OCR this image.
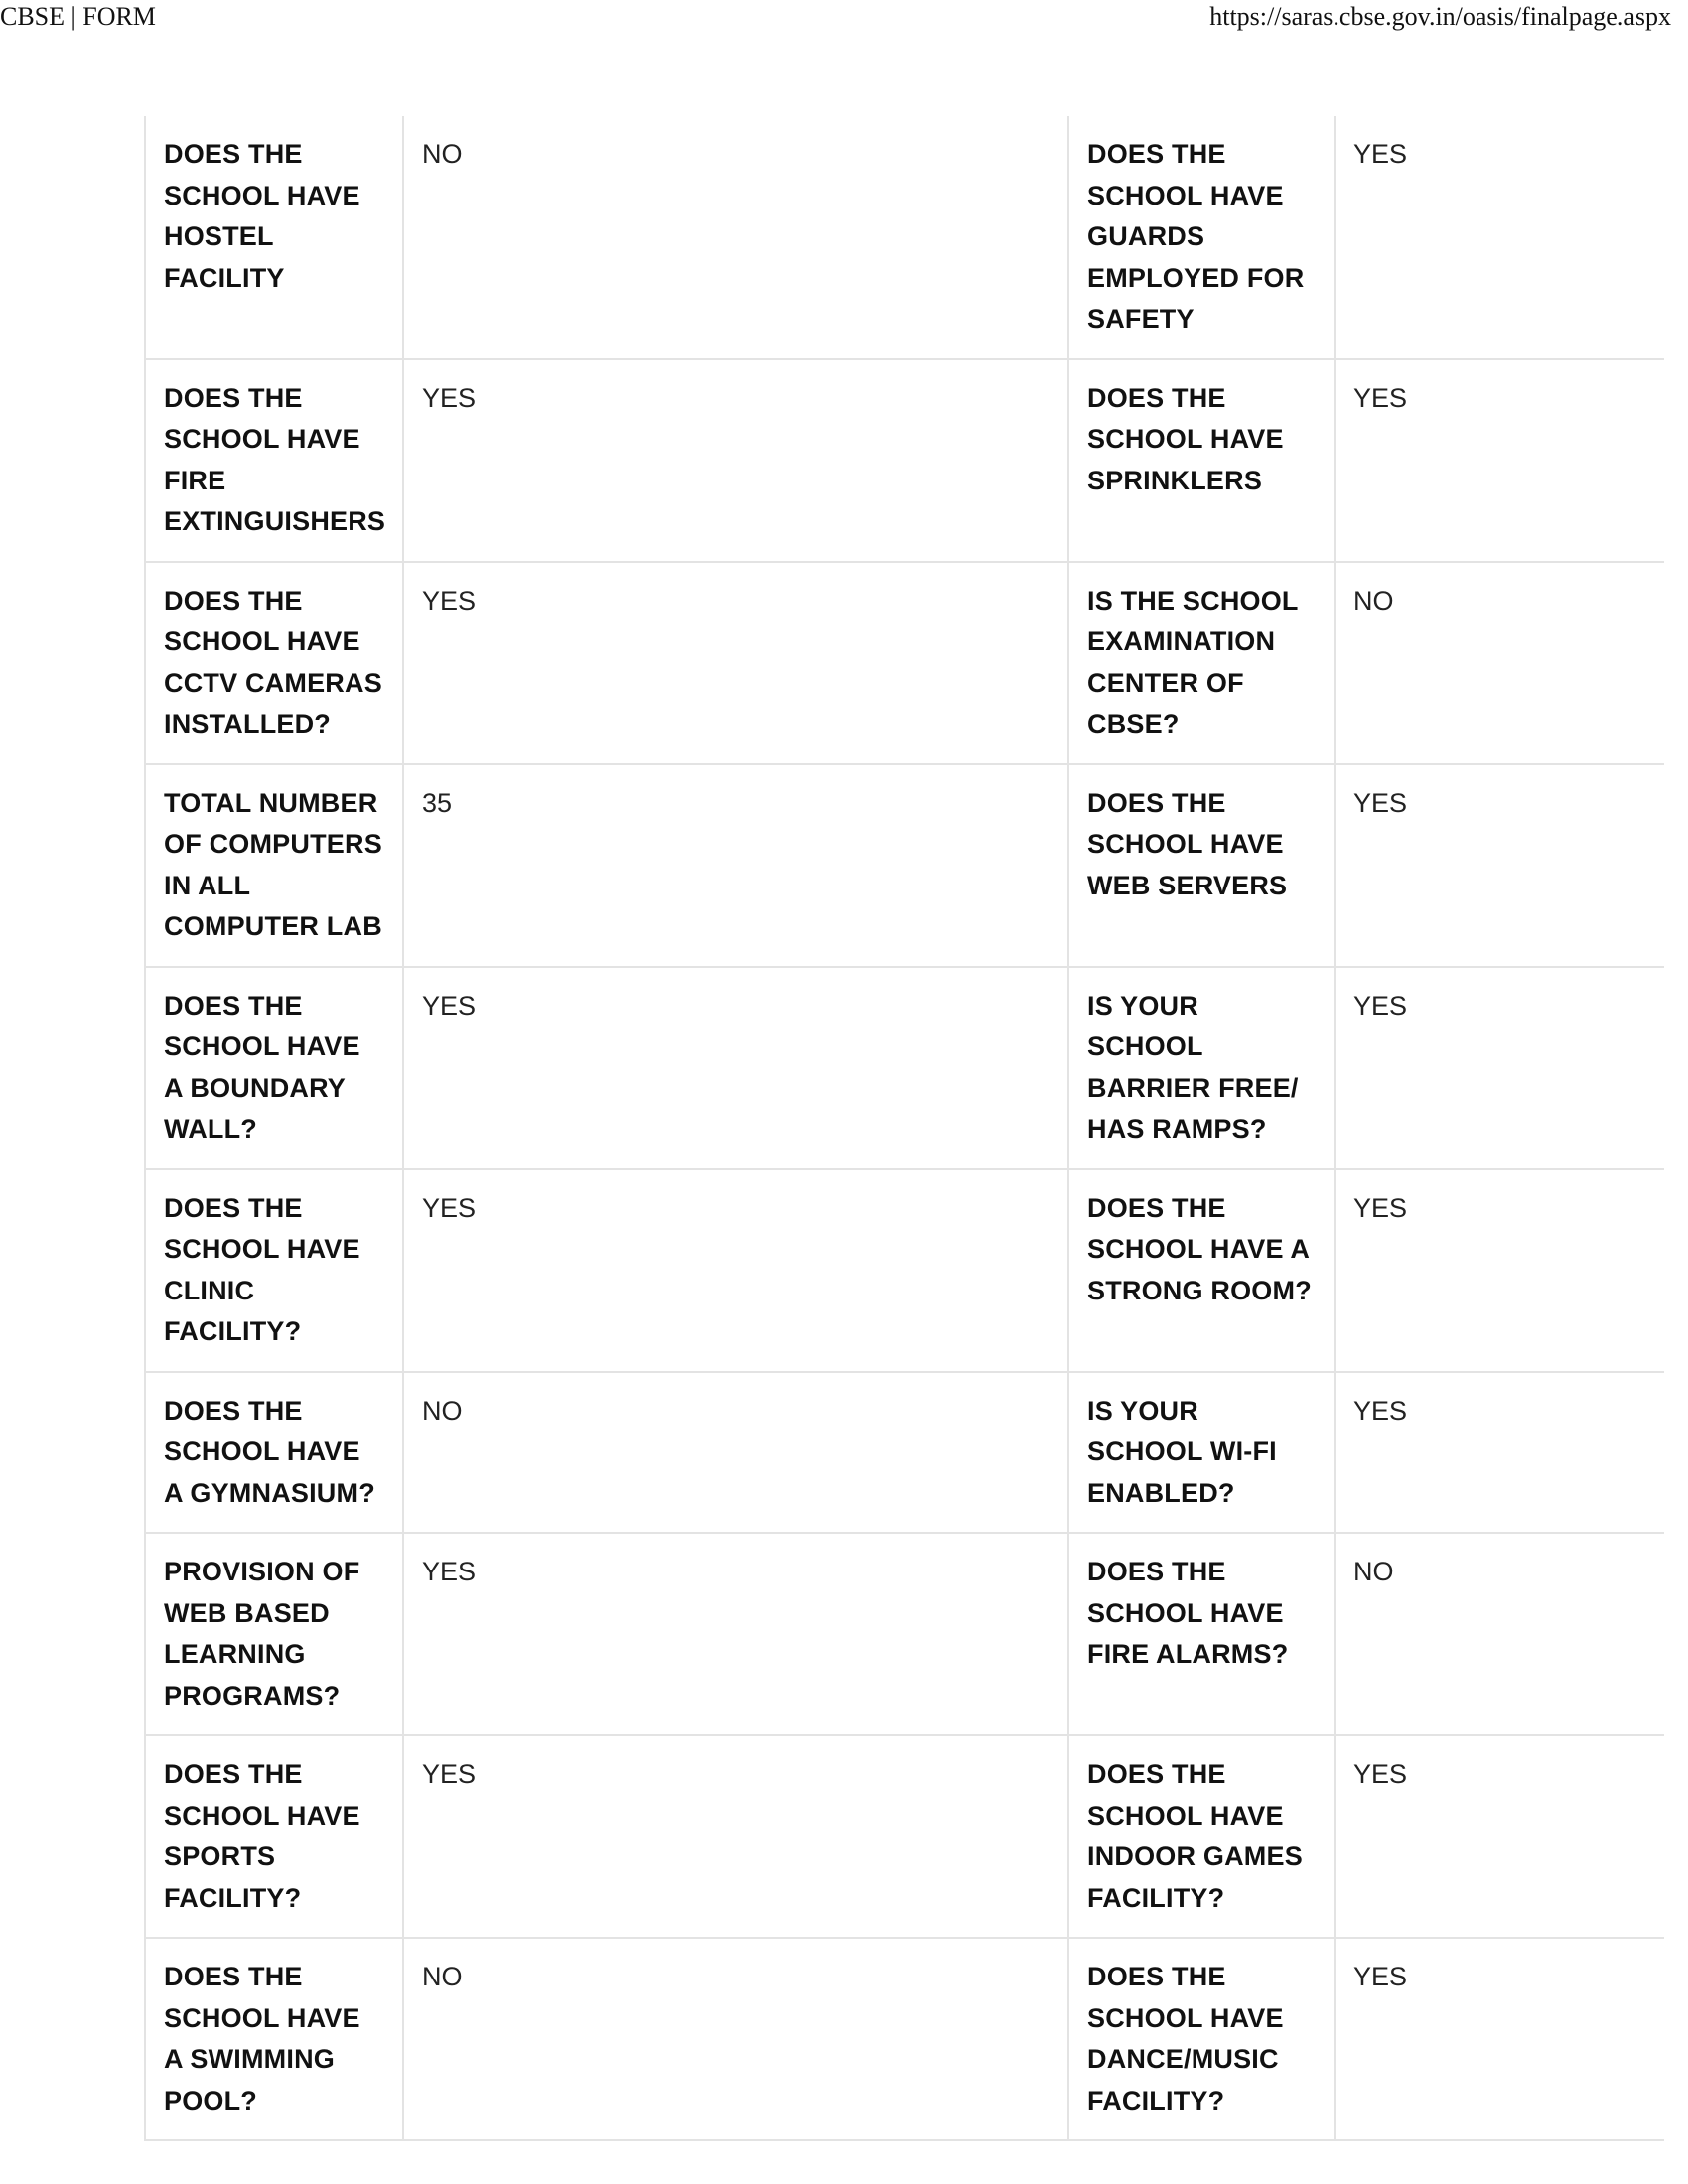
CBSE | FORM	https://saras.cbse.gov.in/oasis/finalpage.aspx
DOES THE SCHOOL HAVE HOSTEL FACILITY	NO	DOES THE SCHOOL HAVE GUARDS EMPLOYED FOR SAFETY	YES
DOES THE SCHOOL HAVE FIRE EXTINGUISHERS	YES	DOES THE SCHOOL HAVE SPRINKLERS	YES
DOES THE SCHOOL HAVE CCTV CAMERAS INSTALLED?	YES	IS THE SCHOOL EXAMINATION CENTER OF CBSE?	NO
TOTAL NUMBER OF COMPUTERS IN ALL COMPUTER LAB	35	DOES THE SCHOOL HAVE WEB SERVERS	YES
DOES THE SCHOOL HAVE A BOUNDARY WALL?	YES	IS YOUR SCHOOL BARRIER FREE/ HAS RAMPS?	YES
DOES THE SCHOOL HAVE CLINIC FACILITY?	YES	DOES THE SCHOOL HAVE A STRONG ROOM?	YES
DOES THE SCHOOL HAVE A GYMNASIUM?	NO	IS YOUR SCHOOL WI-FI ENABLED?	YES
PROVISION OF WEB BASED LEARNING PROGRAMS?	YES	DOES THE SCHOOL HAVE FIRE ALARMS?	NO
DOES THE SCHOOL HAVE SPORTS FACILITY?	YES	DOES THE SCHOOL HAVE INDOOR GAMES FACILITY?	YES
DOES THE SCHOOL HAVE A SWIMMING POOL?	NO	DOES THE SCHOOL HAVE DANCE/MUSIC FACILITY?	YES
